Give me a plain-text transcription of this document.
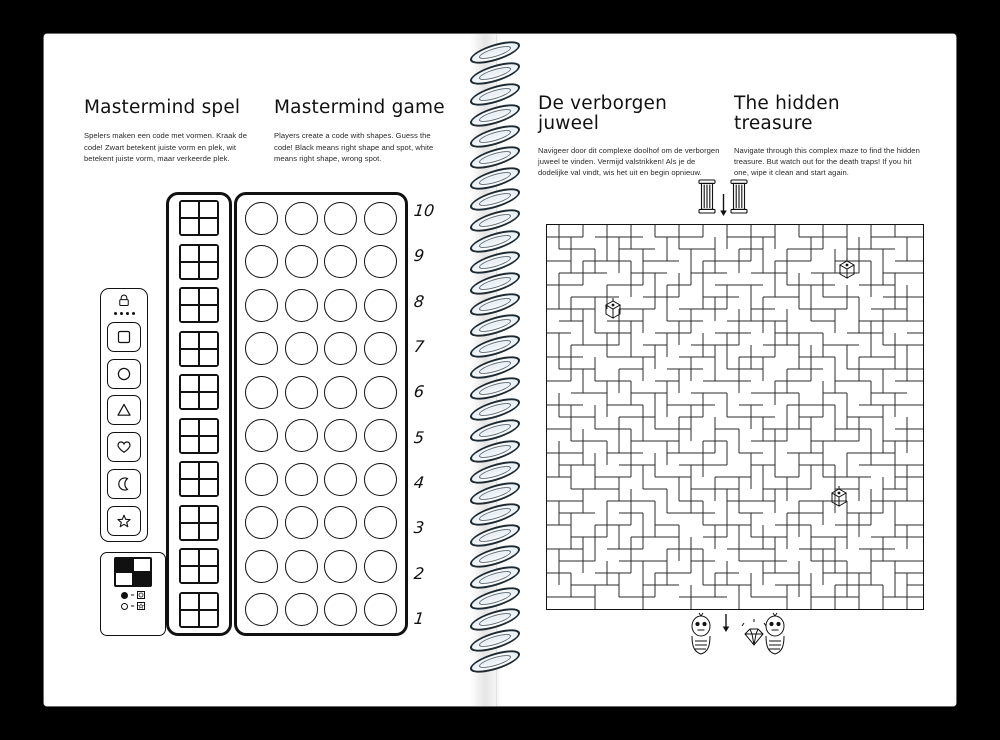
Mastermind spel
Spelers maken een code met vormen. Kraak de code! Zwart betekent juiste vorm en plek, wit betekent juiste vorm, maar verkeerde plek.
Mastermind game
Players create a code with shapes. Guess the code! Black means right shape and spot, white means right shape, wrong spot.
=
=
10
9
8
7
6
5
4
3
2
1
De verborgen juweel
Navigeer door dit complexe doolhof om de verborgen juweel te vinden. Vermijd valstrikken! Als je de dodelijke val vindt, wis het uit en begin opnieuw.
The hidden treasure
Navigate through this complex maze to find the hidden treasure. But watch out for the death traps! If you hit one, wipe it clean and start again.
